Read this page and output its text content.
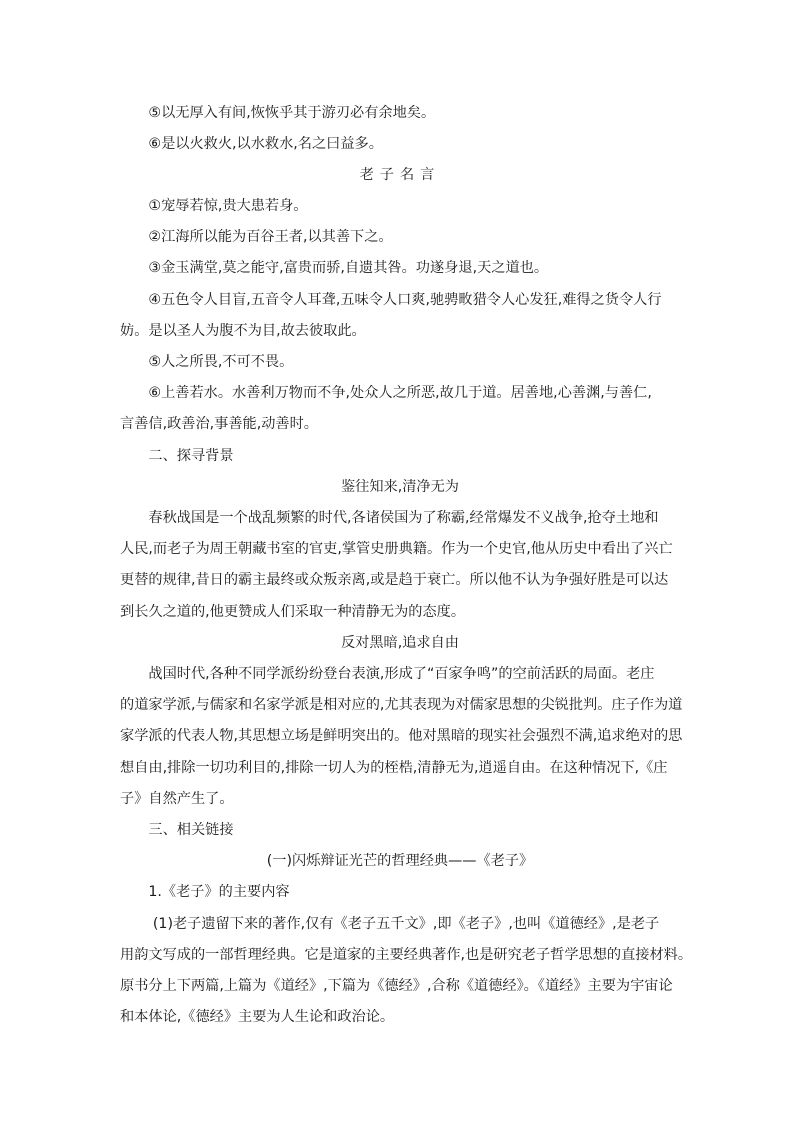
　　⑤以无厚入有间,恢恢乎其于游刃必有余地矣。
　　⑥是以火救火,以水救水,名之曰益多。
老子名言
　　①宠辱若惊,贵大患若身。
　　②江海所以能为百谷王者,以其善下之。
　　③金玉满堂,莫之能守,富贵而骄,自遗其咎。功遂身退,天之道也。
　　④五色令人目盲,五音令人耳聋,五味令人口爽,驰骋畋猎令人心发狂,难得之货令人行
妨。是以圣人为腹不为目,故去彼取此。
　　⑤人之所畏,不可不畏。
　　⑥上善若水。水善利万物而不争,处众人之所恶,故几于道。居善地,心善渊,与善仁,
言善信,政善治,事善能,动善时。
　　二、探寻背景
鉴往知来,清净无为
　　春秋战国是一个战乱频繁的时代,各诸侯国为了称霸,经常爆发不义战争,抢夺土地和
人民,而老子为周王朝藏书室的官吏,掌管史册典籍。作为一个史官,他从历史中看出了兴亡
更替的规律,昔日的霸主最终或众叛亲离,或是趋于衰亡。所以他不认为争强好胜是可以达
到长久之道的,他更赞成人们采取一种清静无为的态度。
反对黑暗,追求自由
　　战国时代,各种不同学派纷纷登台表演,形成了“百家争鸣”的空前活跃的局面。老庄
的道家学派,与儒家和名家学派是相对应的,尤其表现为对儒家思想的尖锐批判。庄子作为道
家学派的代表人物,其思想立场是鲜明突出的。他对黑暗的现实社会强烈不满,追求绝对的思
想自由,排除一切功利目的,排除一切人为的桎梏,清静无为,逍遥自由。在这种情况下,《庄
子》自然产生了。
　　三、相关链接
(一)闪烁辩证光芒的哲理经典——《老子》
　　1.《老子》的主要内容
　　 (1)老子遗留下来的著作,仅有《老子五千文》,即《老子》,也叫《道德经》,是老子
用韵文写成的一部哲理经典。它是道家的主要经典著作,也是研究老子哲学思想的直接材料。
原书分上下两篇,上篇为《道经》,下篇为《德经》,合称《道德经》。《道经》主要为宇宙论
和本体论,《德经》主要为人生论和政治论。
